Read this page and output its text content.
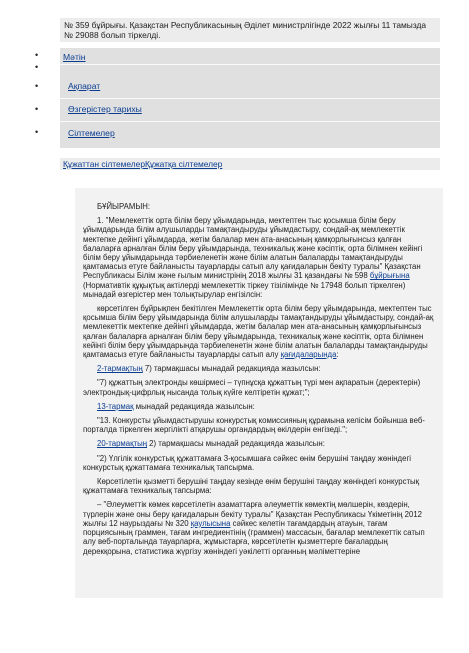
№ 359 бұйрығы. Қазақстан Республикасының Әділет министрлігінде 2022 жылғы 11 тамызда № 29088 болып тіркелді.
•
•
•
•
•
Мәтін
Ақпарат
Өзгерістер тарихы
Сілтемелер
Құжаттан сілтемелерҚұжатқа сілтемелер

БҰЙЫРАМЫН:

1. "Мемлекеттік орта білім беру ұйымдарында, мектептен тыс қосымша білім беру ұйымдарында білім алушыларды тамақтандыруды ұйымдастыру, сондай-ақ мемлекеттік мектепке дейінгі ұйымдарда, жетім балалар мен ата-анасының қамқорлығынсыз қалған балаларға арналған білім беру ұйымдарында, техникалық және кәсіптік, орта білімнен кейінгі білім беру ұйымдарында тәрбиеленетін және білім алатын балаларды тамақтандыруды қамтамасыз етуге байланысты тауарларды сатып алу қағидаларын бекіту туралы" Қазақстан Республикасы Білім және ғылым министрінің 2018 жылғы 31 қазандағы № 598 бұйрығына (Нормативтік құқықтық актілерді мемлекеттік тіркеу тізілімінде № 17948 болып тіркелген) мынадай өзгерістер мен толықтырулар енгізілсін:

көрсетілген бұйрықпен бекітілген Мемлекеттік орта білім беру ұйымдарында, мектептен тыс қосымша білім беру ұйымдарында білім алушыларды тамақтандыруды ұйымдастыру, сондай-ақ мемлекеттік мектепке дейінгі ұйымдарда, жетім балалар мен ата-анасының қамқорлығынсыз қалған балаларға арналған білім беру ұйымдарында, техникалық және кәсіптік, орта білімнен кейінгі білім беру ұйымдарында тәрбиеленетін және білім алатын балаларды тамақтандыруды қамтамасыз етуге байланысты тауарларды сатып алу қағидаларында:

2-тармақтың 7) тармақшасы мынадай редакцияда жазылсын:

"7) құжаттың электронды көшірмесі – түпнұсқа құжаттың түрі мен ақпаратын (деректерін) электрондық-цифрлық нысанда толық күйге келтіретін құжат;";

13-тармақ мынадай редакцияда жазылсын:

"13. Конкурсты ұйымдастырушы конкурстық комиссияның құрамына келісім бойынша веб-порталда тіркелген жергілікті атқарушы органдардың өкілдерін енгізеді.";

20-тармақтың 2) тармақшасы мынадай редакцияда жазылсын:

"2) Үлгілік конкурстық құжаттамаға 3-қосымшаға сәйкес өнім берушіні таңдау жөніндегі конкурстық құжаттамаға техникалық тапсырма.

Көрсетілетін қызметті берушіні таңдау кезінде өнім берушіні таңдау жөніндегі конкурстық құжаттамаға техникалық тапсырма:

– "Әлеуметтік көмек көрсетілетін азаматтарға әлеуметтік көмектің мөлшерін, көздерін, түрлерін және оны беру қағидаларын бекіту туралы" Қазақстан Республикасы Үкіметінің 2012 жылғы 12 наурыздағы № 320 қаулысына сәйкес келетін тағамдардың атауын, тағам порциясының граммен, тағам ингредиентінің (граммен) массасын, бағалар мемлекеттік сатып алу веб-порталында тауарларға, жұмыстарға, көрсетілетін қызметтерге бағалардың дерекқорына, статистика жүргізу жөніндегі уәкілетті органның мәліметтеріне
